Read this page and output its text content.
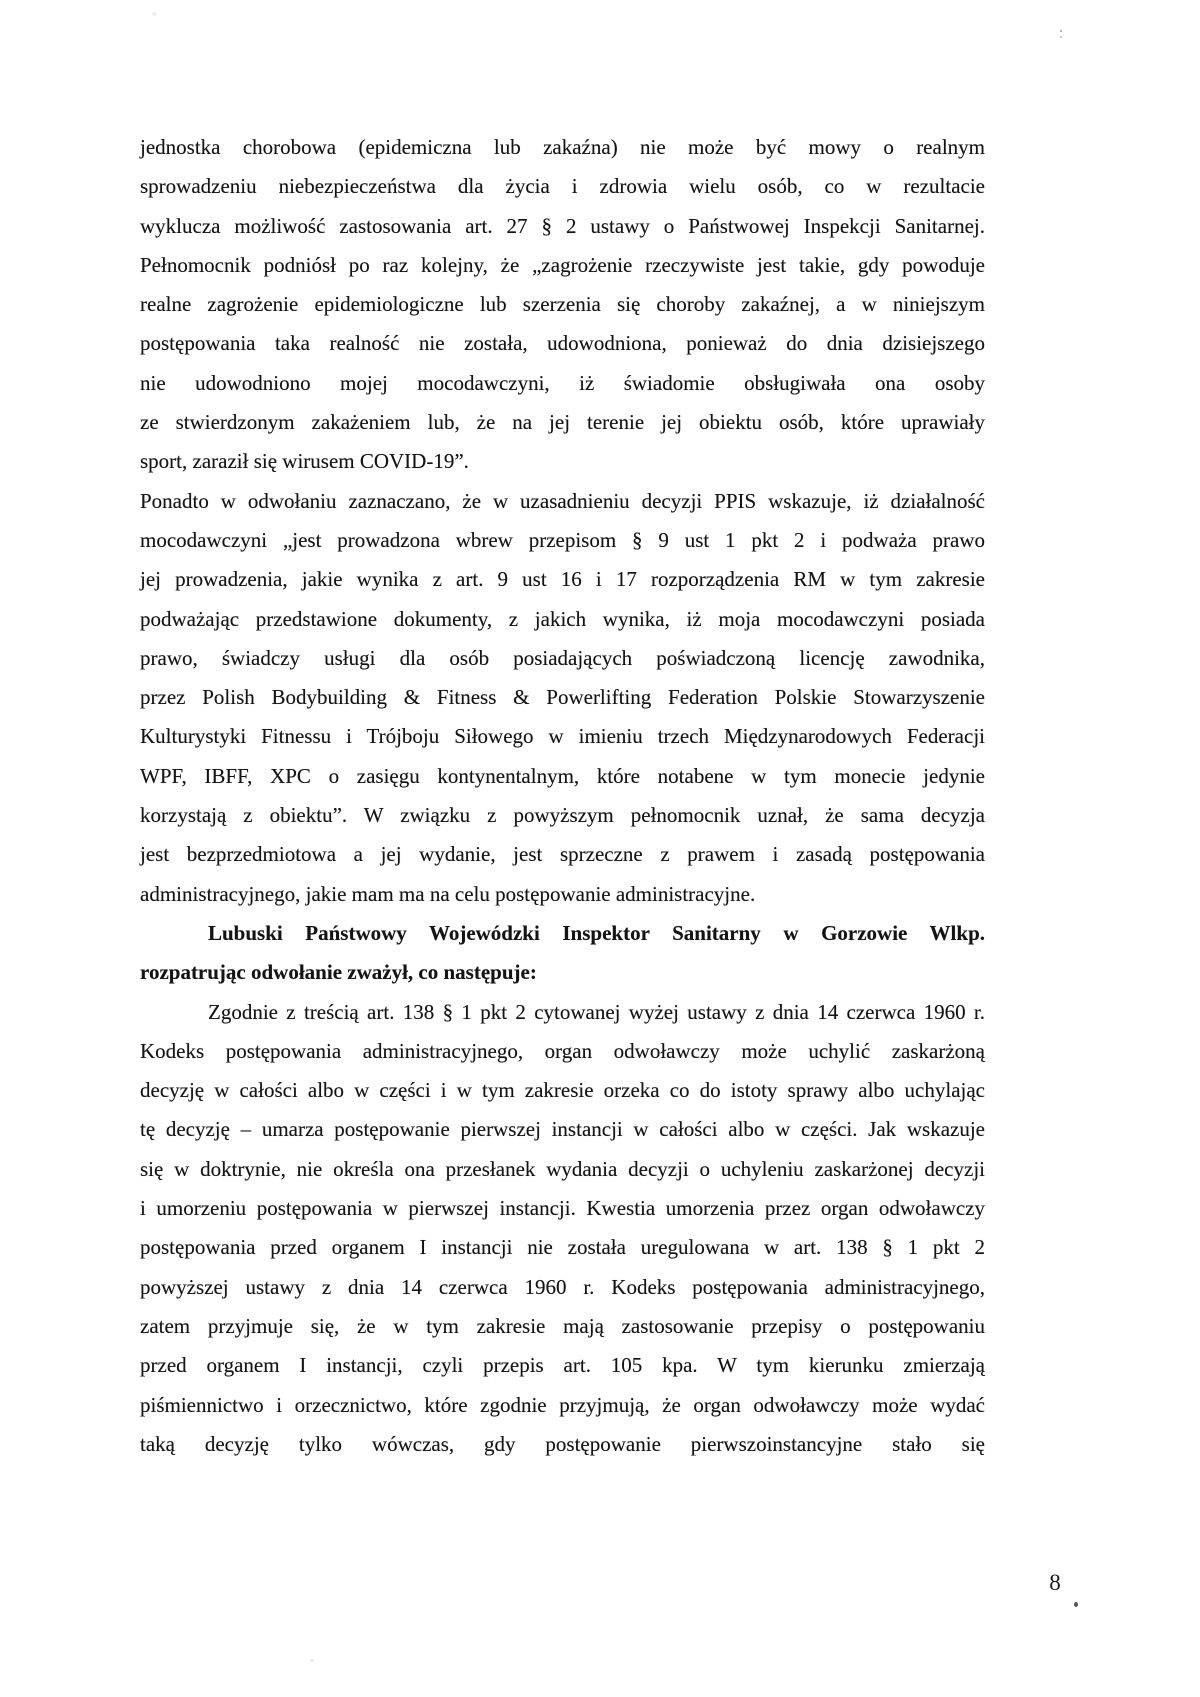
jednostka chorobowa (epidemiczna lub zakaźna) nie może być mowy o realnym
sprowadzeniu niebezpieczeństwa dla życia i zdrowia wielu osób, co w rezultacie
wyklucza możliwość zastosowania art. 27 § 2 ustawy o Państwowej Inspekcji Sanitarnej.
Pełnomocnik podniósł po raz kolejny, że „zagrożenie rzeczywiste jest takie, gdy powoduje
realne zagrożenie epidemiologiczne lub szerzenia się choroby zakaźnej, a w niniejszym
postępowania taka realność nie została, udowodniona, ponieważ do dnia dzisiejszego
nie udowodniono mojej mocodawczyni, iż świadomie obsługiwała ona osoby
ze stwierdzonym zakażeniem lub, że na jej terenie jej obiektu osób, które uprawiały
sport, zaraził się wirusem COVID-19”.
Ponadto w odwołaniu zaznaczano, że w uzasadnieniu decyzji PPIS wskazuje, iż działalność
mocodawczyni „jest prowadzona wbrew przepisom § 9 ust 1 pkt 2 i podważa prawo
jej prowadzenia, jakie wynika z art. 9 ust 16 i 17 rozporządzenia RM w tym zakresie
podważając przedstawione dokumenty, z jakich wynika, iż moja mocodawczyni posiada
prawo, świadczy usługi dla osób posiadających poświadczoną licencję zawodnika,
przez Polish Bodybuilding & Fitness & Powerlifting Federation Polskie Stowarzyszenie
Kulturystyki Fitnessu i Trójboju Siłowego w imieniu trzech Międzynarodowych Federacji
WPF, IBFF, XPC o zasięgu kontynentalnym, które notabene w tym monecie jedynie
korzystają z obiektu”. W związku z powyższym pełnomocnik uznał, że sama decyzja
jest bezprzedmiotowa a jej wydanie, jest sprzeczne z prawem i zasadą postępowania
administracyjnego, jakie mam ma na celu postępowanie administracyjne.
Lubuski Państwowy Wojewódzki Inspektor Sanitarny w Gorzowie Wlkp.
rozpatrując odwołanie zważył, co następuje:
Zgodnie z treścią art. 138 § 1 pkt 2 cytowanej wyżej ustawy z dnia 14 czerwca 1960 r.
Kodeks postępowania administracyjnego, organ odwoławczy może uchylić zaskarżoną
decyzję w całości albo w części i w tym zakresie orzeka co do istoty sprawy albo uchylając
tę decyzję – umarza postępowanie pierwszej instancji w całości albo w części. Jak wskazuje
się w doktrynie, nie określa ona przesłanek wydania decyzji o uchyleniu zaskarżonej decyzji
i umorzeniu postępowania w pierwszej instancji. Kwestia umorzenia przez organ odwoławczy
postępowania przed organem I instancji nie została uregulowana w art. 138 § 1 pkt 2
powyższej ustawy z dnia 14 czerwca 1960 r. Kodeks postępowania administracyjnego,
zatem przyjmuje się, że w tym zakresie mają zastosowanie przepisy o postępowaniu
przed organem I instancji, czyli przepis art. 105 kpa. W tym kierunku zmierzają
piśmiennictwo i orzecznictwo, które zgodnie przyjmują, że organ odwoławczy może wydać
taką decyzję tylko wówczas, gdy postępowanie pierwszoinstancyjne stało się
8
